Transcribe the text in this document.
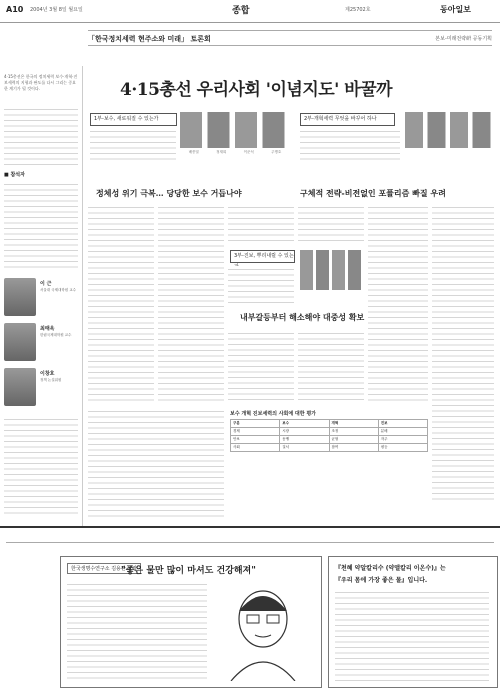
A10 2004년 3월 8일 월요일	종합	제25702호	동아일보
「한국정치세력 현주소와 미래」 토론회	본보-미래전략硏 공동기획
4·15총선은 한국의 정치세력 보수·개혁·진보세력의 지형과 판도를 다시 그리는 중요한 계기가 될 것이다.
■ 참석자
이 근
서울대 국제대학원 교수
최태욱
한림국제대학원 교수
이창호
정책 논설위원
4·15총선 우리사회 '이념지도' 바꿀까
1부-보수, 새로워질 수 있는가
배종열	정재희	이준석	주병호
2부-개혁세력 무엇을 바꾸어 하나
정체성 위기 극복… 당당한 보수 거듭나야	구체적 전략-비전없인 포퓰리즘 빠질 우려
3부-진보, 뿌리내릴 수 있는
내부갈등부터 해소해야 대중성 확보
보수 개혁 진보세력의 사회에 대한 평가
구분	보수	개혁	진보
경제	시장	조정	분배
안보	동맹	균형	자주
사회	질서	참여	평등
한국생명수연구소 김용관 사장
"좋은 물만 많이 마셔도 건강해져"	『천혜 약알칼리수 (약앨칼리 이온수)』는
『우리 몸에 가장 좋은 물』입니다.
